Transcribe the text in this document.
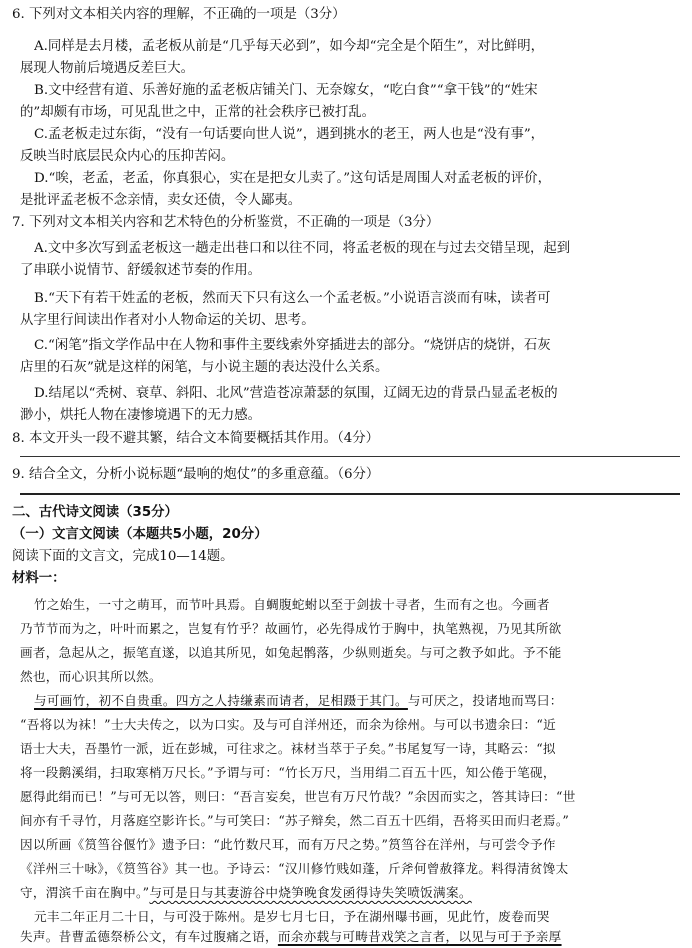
6. 下列对文本相关内容的理解，不正确的一项是（3分）
A.同样是去月楼，孟老板从前是“几乎每天必到”，如今却“完全是个陌生”，对比鲜明，
展现人物前后境遇反差巨大。
B.文中经营有道、乐善好施的孟老板店铺关门、无奈嫁女，“吃白食”“拿干钱”的“姓宋
的”却颇有市场，可见乱世之中，正常的社会秩序已被打乱。
C.孟老板走过东街，“没有一句话要向世人说”，遇到挑水的老王，两人也是“没有事”，
反映当时底层民众内心的压抑苦闷。
D.“唉，老孟，老孟，你真狠心，实在是把女儿卖了。”这句话是周围人对孟老板的评价，
是批评孟老板不念亲情，卖女还债，令人鄙夷。
7. 下列对文本相关内容和艺术特色的分析鉴赏，不正确的一项是（3分）
A.文中多次写到孟老板这一趟走出巷口和以往不同，将孟老板的现在与过去交错呈现，起到
了串联小说情节、舒缓叙述节奏的作用。
B.“天下有若干姓孟的老板，然而天下只有这么一个孟老板。”小说语言淡而有味，读者可
从字里行间读出作者对小人物命运的关切、思考。
C.“闲笔”指文学作品中在人物和事件主要线索外穿插进去的部分。“烧饼店的烧饼，石灰
店里的石灰”就是这样的闲笔，与小说主题的表达没什么关系。
D.结尾以“秃树、衰草、斜阳、北风”营造苍凉萧瑟的氛围，辽阔无边的背景凸显孟老板的
渺小，烘托人物在凄惨境遇下的无力感。
8. 本文开头一段不避其繁，结合文本简要概括其作用。（4分）
9. 结合全文，分析小说标题“最响的炮仗”的多重意蕴。（6分）
二、古代诗文阅读（35分）
（一）文言文阅读（本题共5小题，20分）
阅读下面的文言文，完成10—14题。
材料一：
竹之始生，一寸之萌耳，而节叶具焉。自蜩腹蛇蚹以至于剑拔十寻者，生而有之也。今画者
乃节节而为之，叶叶而累之，岂复有竹乎？故画竹，必先得成竹于胸中，执笔熟视，乃见其所欲
画者，急起从之，振笔直遂，以追其所见，如兔起鹘落，少纵则逝矣。与可之教予如此。予不能
然也，而心识其所以然。
与可画竹，初不自贵重。四方之人持缣素而请者，足相蹑于其门。与可厌之，投诸地而骂曰：
“吾将以为袜！”士大夫传之，以为口实。及与可自洋州还，而余为徐州。与可以书遗余曰：“近
语士大夫，吾墨竹一派，近在彭城，可往求之。袜材当萃于子矣。”书尾复写一诗，其略云：“拟
将一段鹅溪绢，扫取寒梢万尺长。”予谓与可：“竹长万尺，当用绢二百五十匹，知公倦于笔砚，
愿得此绢而已！”与可无以答，则曰：“吾言妄矣，世岂有万尺竹哉？”余因而实之，答其诗曰：“世
间亦有千寻竹，月落庭空影许长。”与可笑曰：“苏子辩矣，然二百五十匹绢，吾将买田而归老焉。”
因以所画《筼筜谷偃竹》遗予曰：“此竹数尺耳，而有万尺之势。”筼筜谷在洋州，与可尝令予作
《洋州三十咏》，《筼筜谷》其一也。予诗云：“汉川修竹贱如蓬，斤斧何曾赦箨龙。料得清贫馋太
守，渭滨千亩在胸中。”与可是日与其妻游谷中烧笋晚食发函得诗失笑喷饭满案。
元丰二年正月二十日，与可没于陈州。是岁七月七日，予在湖州曝书画，见此竹，废卷而哭
失声。昔曹孟德祭桥公文，有车过腹痛之语，而余亦载与可畴昔戏笑之言者，以见与可于予亲厚
